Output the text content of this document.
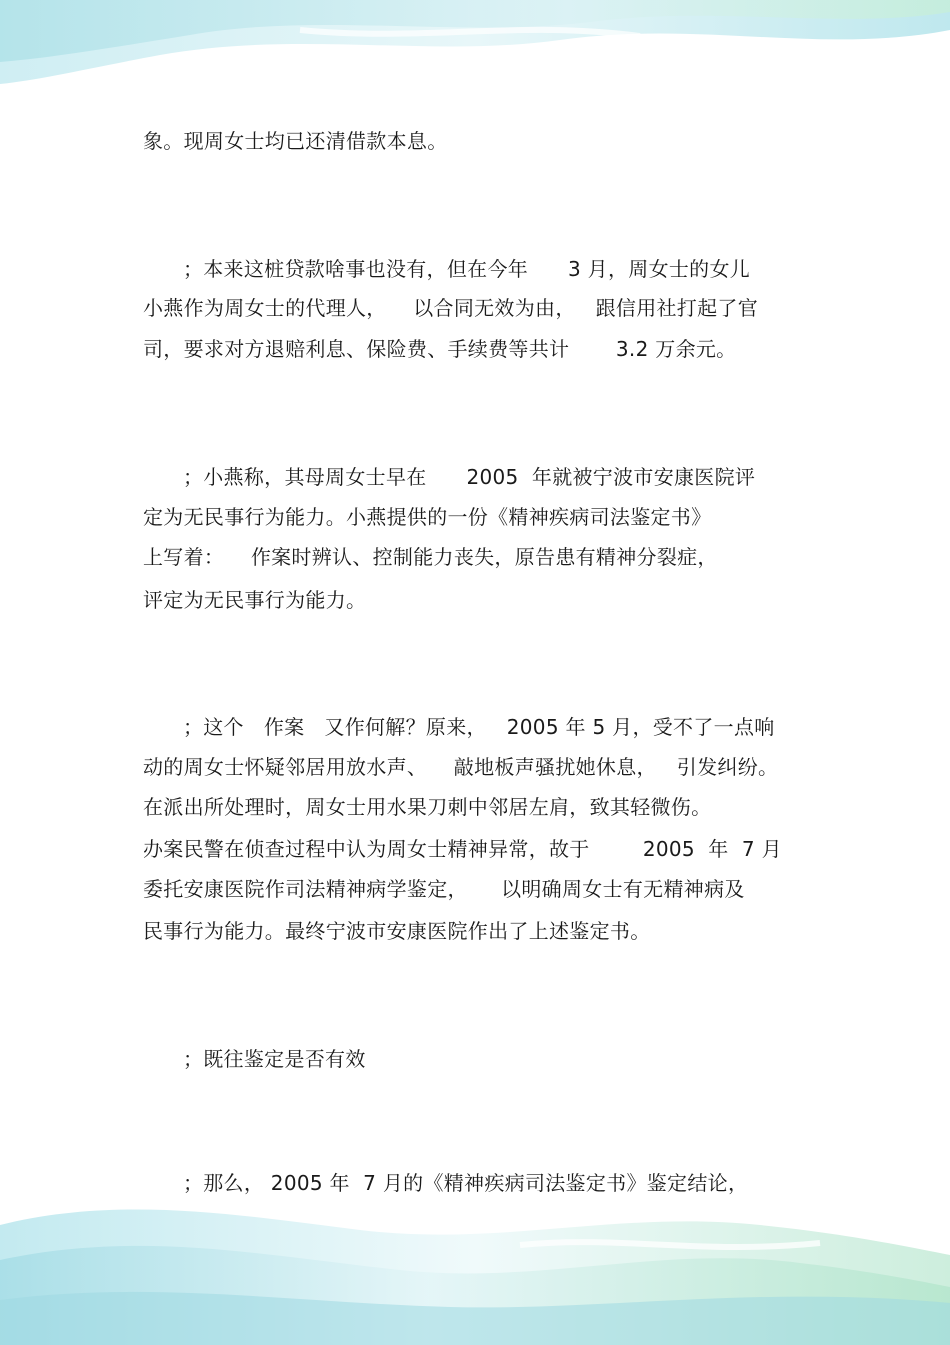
象。现周女士均已还清借款本息。
；本来这桩贷款啥事也没有，但在今年      3 月，周女士的女儿
小燕作为周女士的代理人，    以合同无效为由，   跟信用社打起了官
司，要求对方退赔利息、保险费、手续费等共计       3.2 万余元。
；小燕称，其母周女士早在      2005  年就被宁波市安康医院评
定为无民事行为能力。小燕提供的一份《精神疾病司法鉴定书》
上写着：    作案时辨认、控制能力丧失，原告患有精神分裂症，
评定为无民事行为能力。
；这个   作案   又作何解？原来，   2005 年 5 月，受不了一点响
动的周女士怀疑邻居用放水声、    敲地板声骚扰她休息，   引发纠纷。
在派出所处理时，周女士用水果刀刺中邻居左肩，致其轻微伤。
办案民警在侦查过程中认为周女士精神异常，故于        2005  年  7 月
委托安康医院作司法精神病学鉴定，     以明确周女士有无精神病及
民事行为能力。最终宁波市安康医院作出了上述鉴定书。
；既往鉴定是否有效
；那么， 2005 年  7 月的《精神疾病司法鉴定书》鉴定结论，
